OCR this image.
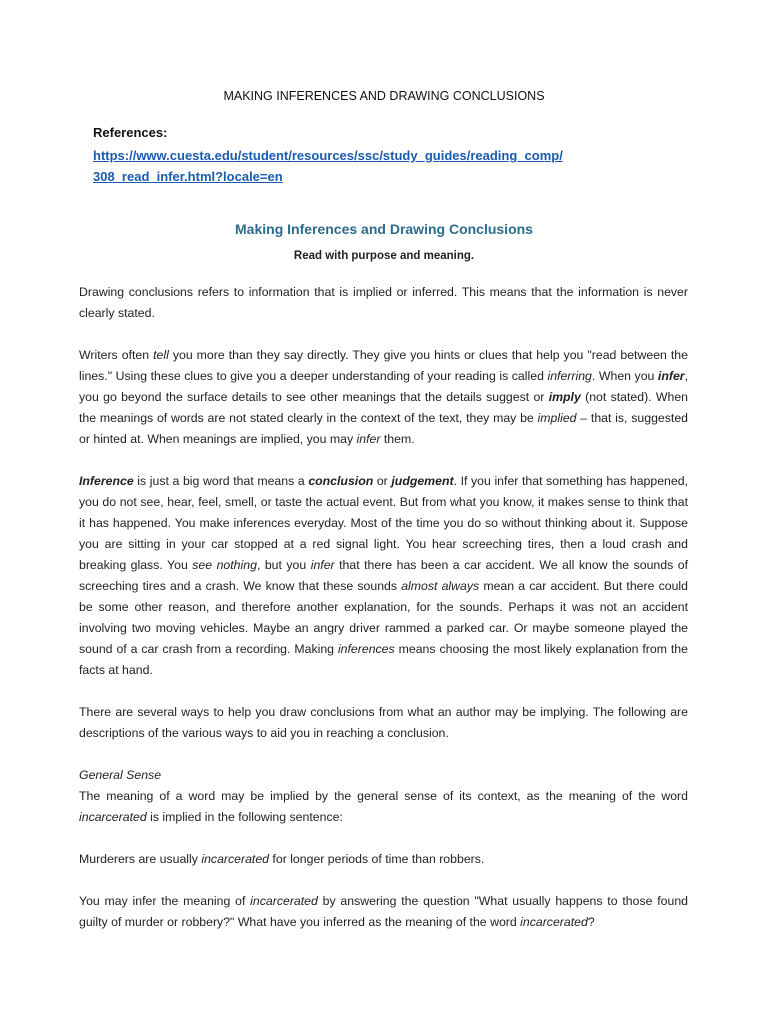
MAKING INFERENCES AND DRAWING CONCLUSIONS
References:
https://www.cuesta.edu/student/resources/ssc/study_guides/reading_comp/
308_read_infer.html?locale=en
Making Inferences and Drawing Conclusions
Read with purpose and meaning.

Drawing conclusions refers to information that is implied or inferred. This means that the information is never clearly stated.

Writers often tell you more than they say directly. They give you hints or clues that help you "read between the lines." Using these clues to give you a deeper understanding of your reading is called inferring. When you infer, you go beyond the surface details to see other meanings that the details suggest or imply (not stated). When the meanings of words are not stated clearly in the context of the text, they may be implied – that is, suggested or hinted at. When meanings are implied, you may infer them.

Inference is just a big word that means a conclusion or judgement. If you infer that something has happened, you do not see, hear, feel, smell, or taste the actual event. But from what you know, it makes sense to think that it has happened. You make inferences everyday. Most of the time you do so without thinking about it. Suppose you are sitting in your car stopped at a red signal light. You hear screeching tires, then a loud crash and breaking glass. You see nothing, but you infer that there has been a car accident. We all know the sounds of screeching tires and a crash. We know that these sounds almost always mean a car accident. But there could be some other reason, and therefore another explanation, for the sounds. Perhaps it was not an accident involving two moving vehicles. Maybe an angry driver rammed a parked car. Or maybe someone played the sound of a car crash from a recording. Making inferences means choosing the most likely explanation from the facts at hand.

There are several ways to help you draw conclusions from what an author may be implying. The following are descriptions of the various ways to aid you in reaching a conclusion.

General Sense

The meaning of a word may be implied by the general sense of its context, as the meaning of the word incarcerated is implied in the following sentence:

Murderers are usually incarcerated for longer periods of time than robbers.

You may infer the meaning of incarcerated by answering the question "What usually happens to those found guilty of murder or robbery?" What have you inferred as the meaning of the word incarcerated?
